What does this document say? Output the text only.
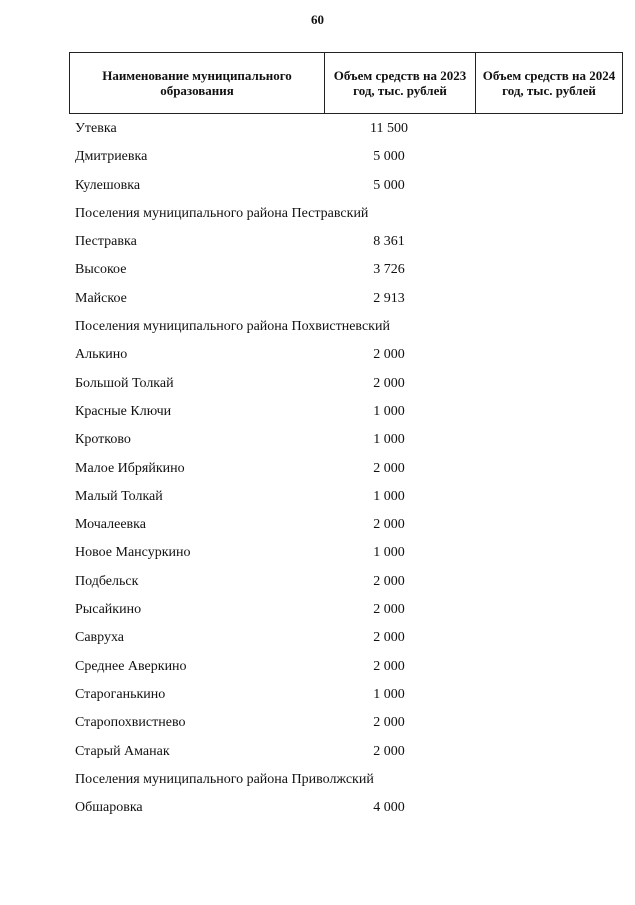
60
Наименование муниципального образования	Объем средств на 2023 год, тыс. рублей	Объем средств на 2024 год, тыс. рублей
Утевка	11 500
Дмитриевка	5 000
Кулешовка	5 000
Поселения муниципального района Пестравский
Пестравка	8 361
Высокое	3 726
Майское	2 913
Поселения муниципального района Похвистневский
Алькино	2 000
Большой Толкай	2 000
Красные Ключи	1 000
Кротково	1 000
Малое Ибряйкино	2 000
Малый Толкай	1 000
Мочалеевка	2 000
Новое Мансуркино	1 000
Подбельск	2 000
Рысайкино	2 000
Савруха	2 000
Среднее Аверкино	2 000
Староганькино	1 000
Старопохвистнево	2 000
Старый Аманак	2 000
Поселения муниципального района Приволжский
Обшаровка	4 000
